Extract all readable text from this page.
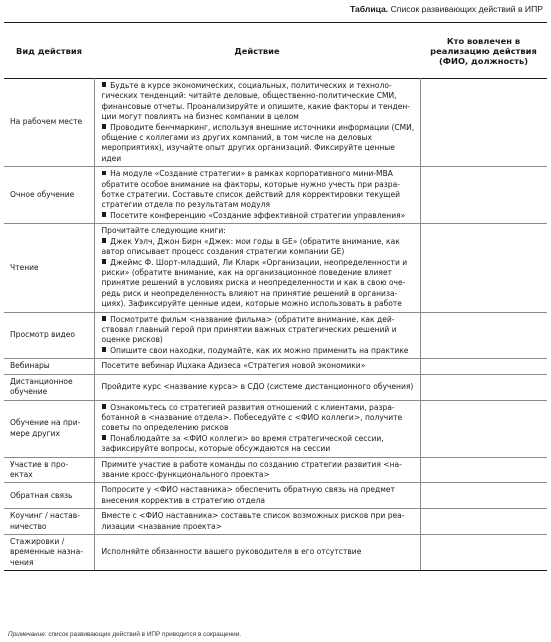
Таблица. Список развивающих действий в ИПР
Вид действия	Действие	Кто вовлечен в
реализацию действия
(ФИО, должность)
На рабочем месте	Будьте в курсе экономических, социальных, политических и техноло-гических тенденций: читайте деловые, общественно-политические СМИ, финансовые отчеты. Проанализируйте и опишите, какие факторы и тенден-ции могут повлиять на бизнес компании в целом
Проводите бенчмаркинг, используя внешние источники информации (СМИ, общение с коллегами из других компаний, в том числе на деловых мероприятиях), изучайте опыт других организаций. Фиксируйте ценные идеи	

Очное обучение	На модуле «Создание стратегии» в рамках корпоративного мини-MBA обратите особое внимание на факторы, которые нужно учесть при разра-ботке стратегии. Составьте список действий для корректировки текущей стратегии отдела по результатам модуля
Посетите конференцию «Создание эффективной стратегии управления»	

Чтение	Прочитайте следующие книги:
Джек Уэлч, Джон Бирн «Джек: мои годы в GE» (обратите внимание, как автор описывает процесс создания стратегии компании GE)
Джеймс Ф. Шорт-младший, Ли Кларк «Организации, неопределенности и риски» (обратите внимание, как на организационное поведение влияет принятие решений в условиях риска и неопределенности и как в свою оче-редь риск и неопределенность влияют на принятие решений в организа-циях). Зафиксируйте ценные идеи, которые можно использовать в работе	

Просмотр видео	Посмотрите фильм <название фильма> (обратите внимание, как дей-ствовал главный герой при принятии важных стратегических решений и оценке рисков)
Опишите свои находки, подумайте, как их можно применить на практике	

Вебинары	Посетите вебинар Ицхака Адизеса «Стратегия новой экономики»	

Дистанционное обучение	Пройдите курс <название курса> в СДО (системе дистанционного обучения)	

Обучение на при-мере других	Ознакомьтесь со стратегией развития отношений с клиентами, разра-ботанной в <название отдела>. Побеседуйте с <ФИО коллеги>, получите советы по определению рисков
Понаблюдайте за <ФИО коллеги> во время стратегической сессии, зафиксируйте вопросы, которые обсуждаются на сессии	

Участие в про-ектах	Примите участие в работе команды по созданию стратегии развития <на-звание кросс-функционального проекта>	

Обратная связь	Попросите у <ФИО наставника> обеспечить обратную связь на предмет внесения корректив в стратегию отдела	

Коучинг / настав-ничество	Вместе с <ФИО наставника> составьте список возможных рисков при реа-лизации <название проекта>	

Стажировки / временные назна-чения	Исполняйте обязанности вашего руководителя в его отсутствие	

Примечание: список развивающих действий в ИПР приводится в сокращении.
